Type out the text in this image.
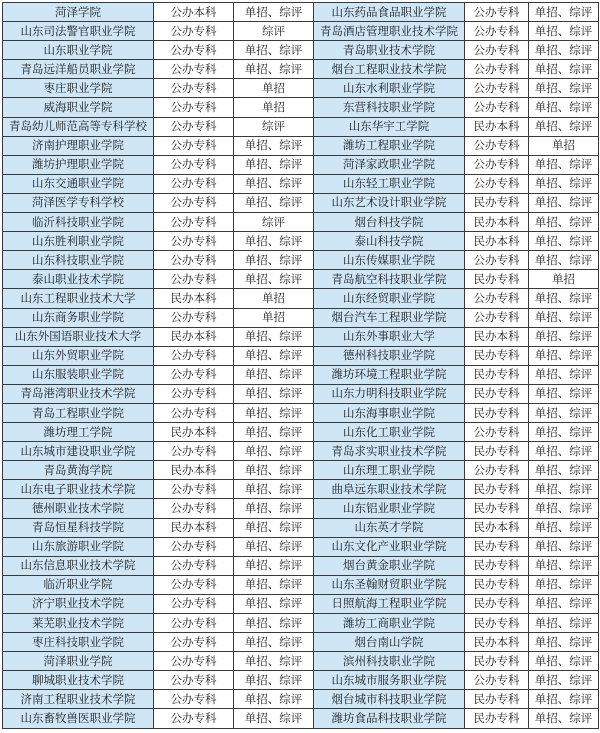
菏泽学院	公办本科	单招、综评	山东药品食品职业学院	公办专科	单招、综评
山东司法警官职业学院	公办专科	综评	青岛酒店管理职业技术学院	公办专科	单招、综评
山东职业学院	公办专科	单招、综评	青岛职业技术学院	公办专科	单招、综评
青岛远洋船员职业学院	公办专科	单招、综评	烟台工程职业技术学院	公办专科	单招、综评
枣庄职业学院	公办专科	单招	山东水利职业学院	公办专科	单招、综评
威海职业学院	公办专科	单招	东营科技职业学院	公办专科	单招、综评
青岛幼儿师范高等专科学校	公办专科	综评	山东华宇工学院	民办本科	单招、综评
济南护理职业学院	公办专科	单招、综评	潍坊工程职业学院	公办专科	单招
潍坊护理职业学院	公办专科	单招、综评	菏泽家政职业学院	公办专科	单招、综评
山东交通职业学院	公办专科	单招、综评	山东轻工职业学院	公办专科	单招、综评
菏泽医学专科学校	公办专科	单招、综评	山东艺术设计职业学院	民办专科	单招、综评
临沂科技职业学院	公办专科	综评	烟台科技学院	民办本科	单招、综评
山东胜利职业学院	公办专科	单招、综评	泰山科技学院	民办本科	单招、综评
山东科技职业学院	公办专科	单招、综评	山东传媒职业学院	公办专科	单招、综评
泰山职业技术学院	公办专科	单招、综评	青岛航空科技职业学院	民办专科	单招
山东工程职业技术大学	民办本科	单招	山东经贸职业学院	公办专科	单招、综评
山东商务职业学院	公办专科	单招	烟台汽车工程职业学院	公办专科	单招、综评
山东外国语职业技术大学	民办本科	单招、综评	山东外事职业大学	民办本科	单招、综评
山东外贸职业学院	公办专科	单招、综评	德州科技职业学院	民办专科	单招、综评
山东服装职业学院	公办专科	单招、综评	潍坊环境工程职业学院	民办专科	单招、综评
青岛港湾职业技术学院	公办专科	单招、综评	山东力明科技职业学院	民办专科	单招、综评
青岛工程职业学院	公办专科	单招、综评	山东海事职业学院	民办专科	单招、综评
潍坊理工学院	民办本科	单招、综评	山东化工职业学院	公办专科	单招、综评
山东城市建设职业学院	公办专科	单招、综评	青岛求实职业技术学院	民办专科	单招、综评
青岛黄海学院	民办本科	单招、综评	山东理工职业学院	公办专科	单招、综评
山东电子职业技术学院	公办专科	单招、综评	曲阜远东职业技术学院	民办专科	单招、综评
德州职业技术学院	公办专科	单招、综评	山东铝业职业学院	民办专科	单招、综评
青岛恒星科技学院	民办本科	单招、综评	山东英才学院	民办本科	单招、综评
山东旅游职业学院	公办专科	单招、综评	山东文化产业职业学院	民办专科	单招、综评
山东信息职业技术学院	公办专科	单招、综评	烟台黄金职业学院	民办专科	单招、综评
临沂职业学院	公办专科	单招、综评	山东圣翰财贸职业学院	民办专科	单招、综评
济宁职业技术学院	公办专科	单招、综评	日照航海工程职业学院	民办专科	单招、综评
莱芜职业技术学院	公办专科	单招、综评	潍坊工商职业学院	民办专科	单招、综评
枣庄科技职业学院	公办专科	单招、综评	烟台南山学院	民办本科	单招、综评
菏泽职业学院	公办专科	单招、综评	滨州科技职业学院	民办专科	单招、综评
聊城职业技术学院	公办专科	单招、综评	山东城市服务职业学院	公办专科	单招、综评
济南工程职业技术学院	公办专科	单招、综评	烟台城市科技职业学院	民办专科	单招、综评
山东畜牧兽医职业学院	公办专科	单招、综评	潍坊食品科技职业学院	民办专科	单招、综评
